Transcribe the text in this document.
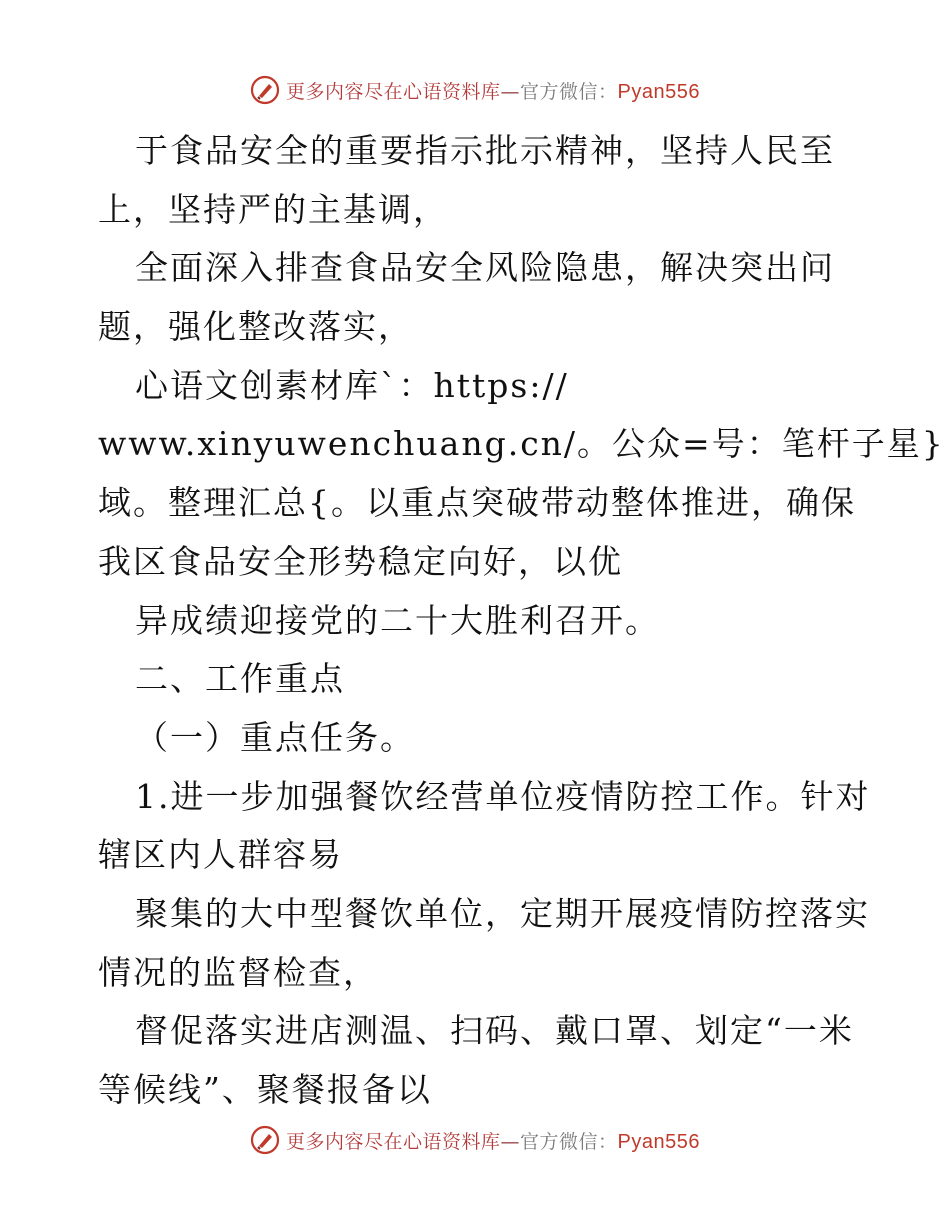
更多内容尽在心语资料库—官方微信：Pyan556
于食品安全的重要指示批示精神，坚持人民至
上，坚持严的主基调，
全面深入排查食品安全风险隐患，解决突出问
题，强化整改落实，
心语文创素材库`：https://
www.xinyuwenchuang.cn/。公众=号：笔杆子星}
域。整理汇总{。以重点突破带动整体推进，确保
我区食品安全形势稳定向好，以优
异成绩迎接党的二十大胜利召开。
二、工作重点
（一）重点任务。
1.进一步加强餐饮经营单位疫情防控工作。针对
辖区内人群容易
聚集的大中型餐饮单位，定期开展疫情防控落实
情况的监督检查，
督促落实进店测温、扫码、戴口罩、划定“一米
等候线”、聚餐报备以
更多内容尽在心语资料库—官方微信：Pyan556
